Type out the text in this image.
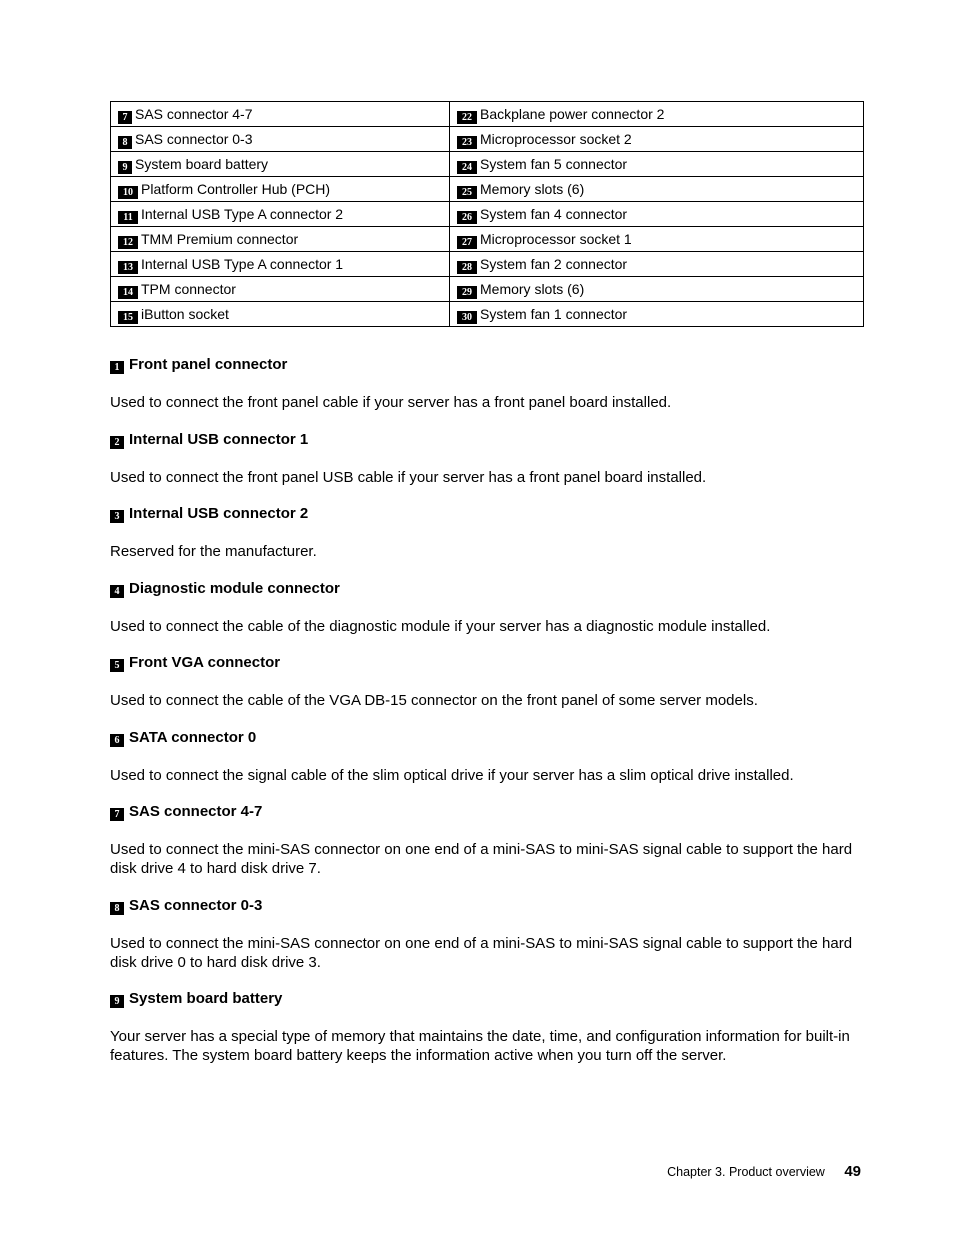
7 SAS connector 4-7	22 Backplane power connector 2
8 SAS connector 0-3	23 Microprocessor socket 2
9 System board battery	24 System fan 5 connector
10 Platform Controller Hub (PCH)	25 Memory slots (6)
11 Internal USB Type A connector 2	26 System fan 4 connector
12 TMM Premium connector	27 Microprocessor socket 1
13 Internal USB Type A connector 1	28 System fan 2 connector
14 TPM connector	29 Memory slots (6)
15 iButton socket	30 System fan 1 connector
1 Front panel connector

Used to connect the front panel cable if your server has a front panel board installed.

2 Internal USB connector 1

Used to connect the front panel USB cable if your server has a front panel board installed.

3 Internal USB connector 2

Reserved for the manufacturer.

4 Diagnostic module connector

Used to connect the cable of the diagnostic module if your server has a diagnostic module installed.

5 Front VGA connector

Used to connect the cable of the VGA DB-15 connector on the front panel of some server models.

6 SATA connector 0

Used to connect the signal cable of the slim optical drive if your server has a slim optical drive installed.

7 SAS connector 4-7

Used to connect the mini-SAS connector on one end of a mini-SAS to mini-SAS signal cable to support the hard disk drive 4 to hard disk drive 7.

8 SAS connector 0-3

Used to connect the mini-SAS connector on one end of a mini-SAS to mini-SAS signal cable to support the hard disk drive 0 to hard disk drive 3.

9 System board battery

Your server has a special type of memory that maintains the date, time, and configuration information for built-in features. The system board battery keeps the information active when you turn off the server.

Chapter 3. Product overview 49
